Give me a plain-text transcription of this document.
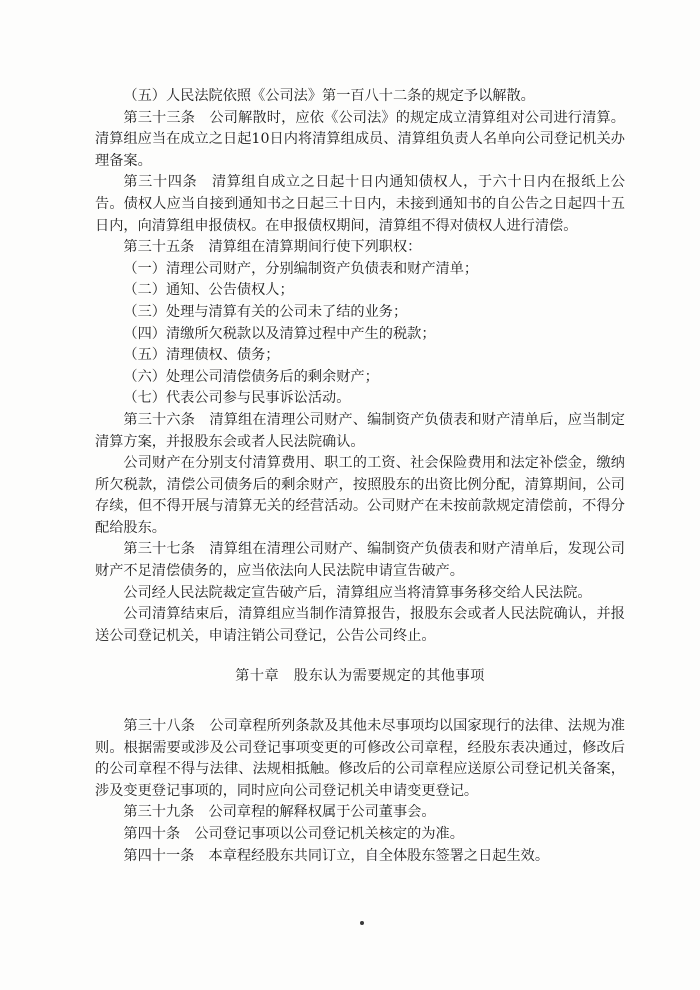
（五）人民法院依照《公司法》第一百八十二条的规定予以解散。

第三十三条　公司解散时，应依《公司法》的规定成立清算组对公司进行清算。清算组应当在成立之日起10日内将清算组成员、清算组负责人名单向公司登记机关办理备案。

第三十四条　清算组自成立之日起十日内通知债权人，于六十日内在报纸上公告。债权人应当自接到通知书之日起三十日内，未接到通知书的自公告之日起四十五日内，向清算组申报债权。在申报债权期间，清算组不得对债权人进行清偿。

第三十五条　清算组在清算期间行使下列职权：

（一）清理公司财产，分别编制资产负债表和财产清单；

（二）通知、公告债权人；

（三）处理与清算有关的公司未了结的业务；

（四）清缴所欠税款以及清算过程中产生的税款；

（五）清理债权、债务；

（六）处理公司清偿债务后的剩余财产；

（七）代表公司参与民事诉讼活动。

第三十六条　清算组在清理公司财产、编制资产负债表和财产清单后，应当制定清算方案，并报股东会或者人民法院确认。

公司财产在分别支付清算费用、职工的工资、社会保险费用和法定补偿金，缴纳所欠税款，清偿公司债务后的剩余财产，按照股东的出资比例分配，清算期间，公司存续，但不得开展与清算无关的经营活动。公司财产在未按前款规定清偿前，不得分配给股东。

第三十七条　清算组在清理公司财产、编制资产负债表和财产清单后，发现公司财产不足清偿债务的，应当依法向人民法院申请宣告破产。

公司经人民法院裁定宣告破产后，清算组应当将清算事务移交给人民法院。

公司清算结束后，清算组应当制作清算报告，报股东会或者人民法院确认，并报送公司登记机关，申请注销公司登记，公告公司终止。

第十章　股东认为需要规定的其他事项

第三十八条　公司章程所列条款及其他未尽事项均以国家现行的法律、法规为准则。根据需要或涉及公司登记事项变更的可修改公司章程，经股东表决通过，修改后的公司章程不得与法律、法规相抵触。修改后的公司章程应送原公司登记机关备案，涉及变更登记事项的，同时应向公司登记机关申请变更登记。

第三十九条　公司章程的解释权属于公司董事会。

第四十条　公司登记事项以公司登记机关核定的为准。

第四十一条　本章程经股东共同订立，自全体股东签署之日起生效。
